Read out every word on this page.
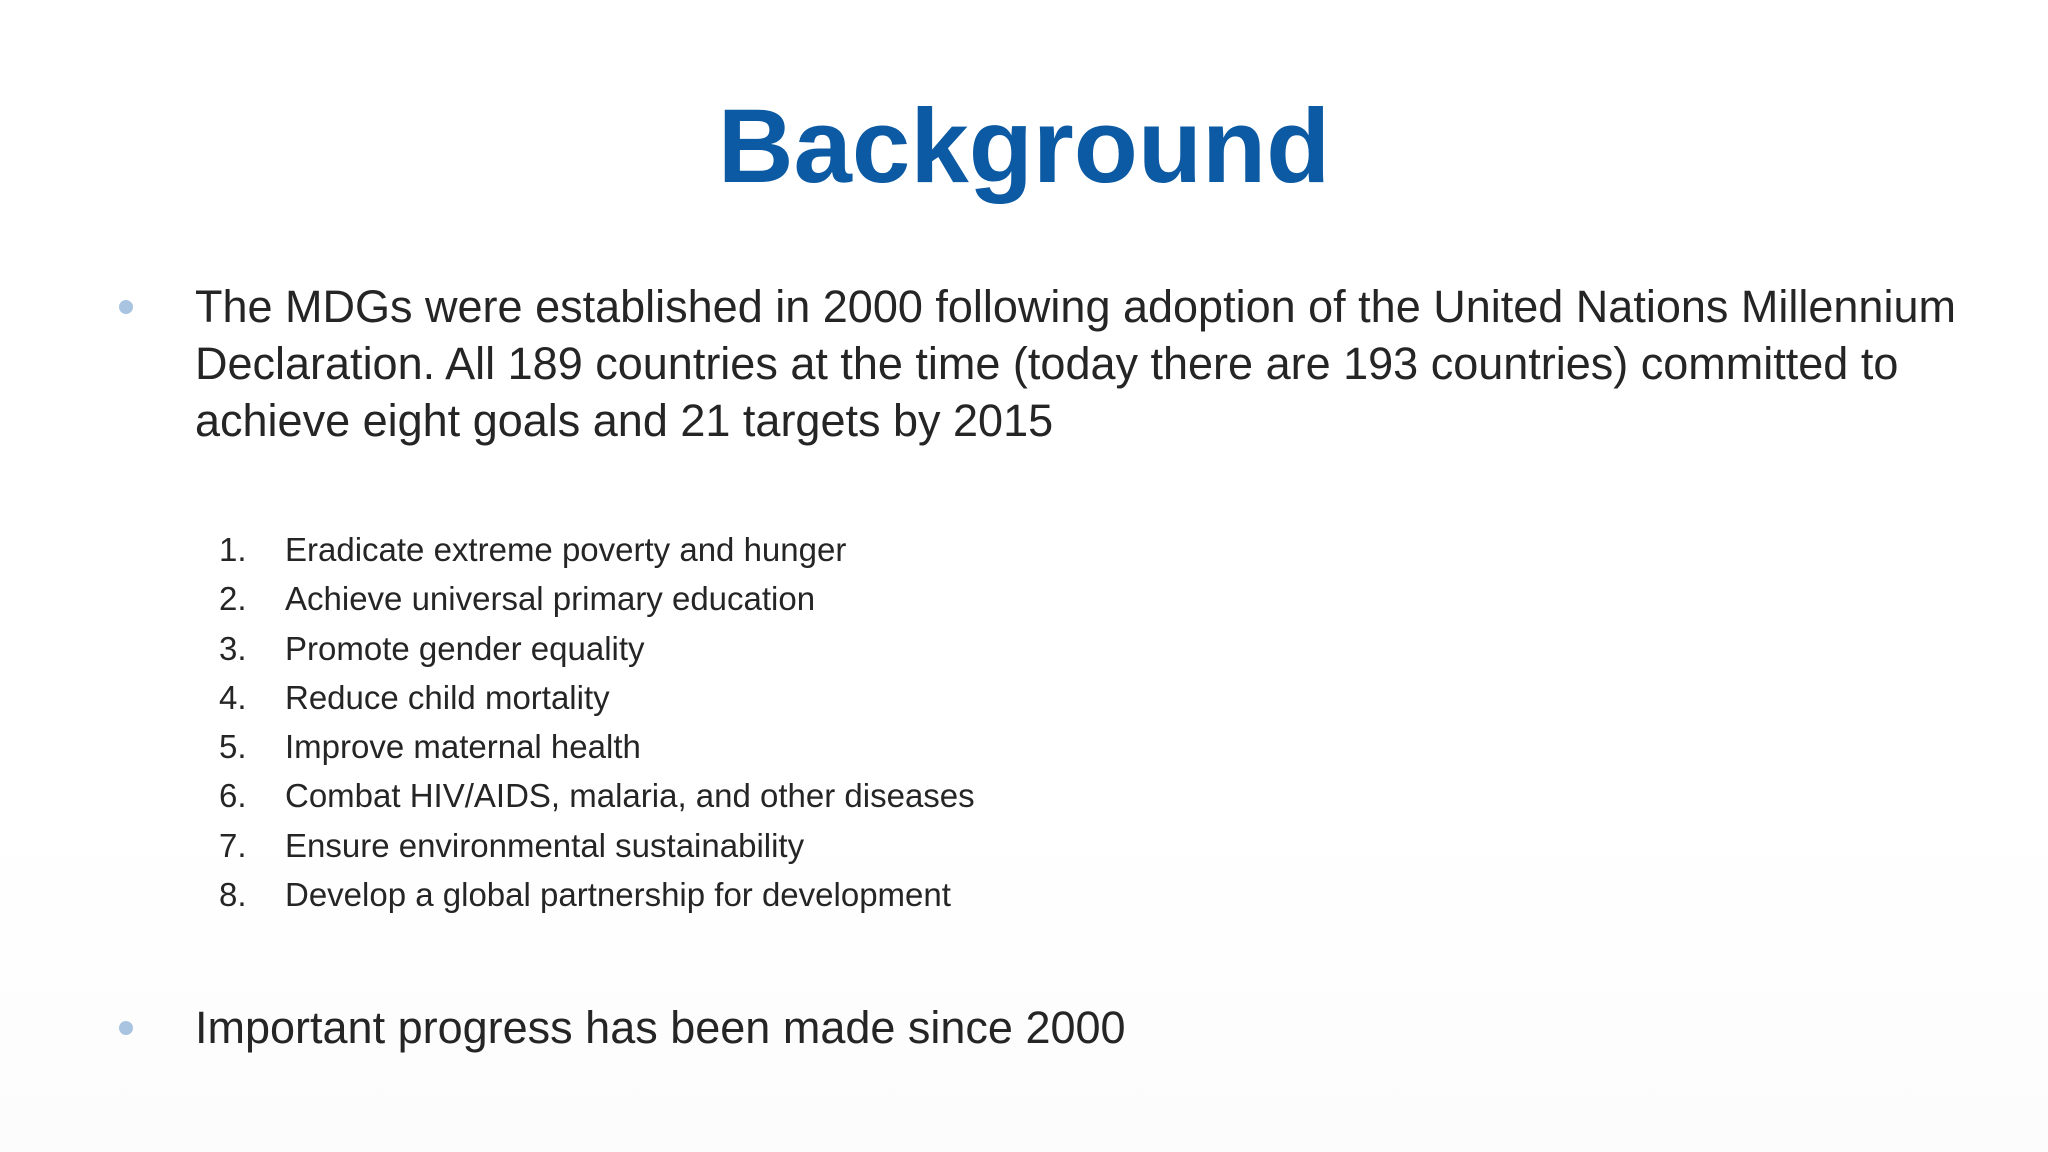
Background
The MDGs were established in 2000 following adoption of the United Nations Millennium Declaration. All 189 countries at the time (today there are 193 countries) committed to achieve eight goals and 21 targets by 2015
1.	Eradicate extreme poverty and hunger
2.	Achieve universal primary education
3.	Promote gender equality
4.	Reduce child mortality
5.	Improve maternal health
6.	Combat HIV/AIDS, malaria, and other diseases
7.	Ensure environmental sustainability
8.	Develop a global partnership for development
Important progress has been made since 2000
